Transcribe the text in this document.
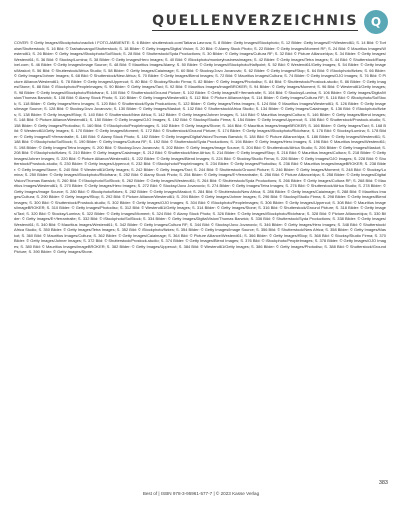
QUELLENVERZEICHNIS	Q

COVER: © Getty Images/iStockphoto/oraclick I FOTO-AMBIENTE: S. 6 Bilder: shutterstock.com/Tatiana Lavrova; S. 8 Bilder: Getty Images/iStockphoto; S. 12 Bilder: Getty Images/E+/Westend61; S. 14 Bild: © Tortoise/Shutterstock; S. 16 Bild: © Tashatuvango/Shutterstock; S. 18 Bilder: © Getty Images/Digital Vision; S. 20 Bild: © Alamy Stock Photo; S. 22 Bilder: © Getty Images/Moment RF; S. 24 Bild: © Mauritius Images/Westend61; S. 26 Bilder: © Getty Images/iStockphoto/SolStock; S. 28 Bild: © Shutterstock/Syda Productions; S. 30 Bilder: © Getty Images/Cultura RF; S. 32 Bild: © Picture Alliance/dpa; S. 34 Bilder: © Getty Images/Westend61; S. 36 Bild: © Stocksy/Lumina; S. 38 Bilder: © Getty Images/Hero Images; S. 40 Bild: © iStockphoto/monkeybusinessimages; S. 42 Bilder: © Getty Images/Tetra Images; S. 44 Bild: © Shutterstock/Rawpixel.com; S. 46 Bilder: © Getty Images/Image Source; S. 48 Bild: © Mauritius Images/Alamy; S. 50 Bilder: © Getty Images/iStockphoto/Halfpoint; S. 52 Bild: © Westend61/Getty Images; S. 54 Bilder: © Getty Images/Maskot; S. 56 Bild: © Shutterstock/Africa Studio; S. 58 Bilder: © Getty Images/Caiaimage; S. 60 Bild: © Stocksy/Jovo Jovanovic; S. 62 Bilder: © Getty Images/fStop; S. 64 Bild: © iStockphoto/fizkes; S. 66 Bilder: © Getty Images/Johner Images; S. 68 Bild: © Shutterstock/New Africa; S. 70 Bilder: © Getty Images/Blend Images; S. 72 Bild: © Mauritius Images/Cultura; S. 74 Bilder: © Getty Images/OJO Images; S. 76 Bild: © Picture Alliance/Westend61; S. 78 Bilder: © Getty Images/Uppercut; S. 80 Bild: © Stocksy/Studio Firma; S. 82 Bilder: © Getty Images/Photodisc; S. 84 Bild: © Shutterstock/Prostock-studio; S. 86 Bilder: © Getty Images/Stone; S. 88 Bild: © iStockphoto/PeopleImages; S. 90 Bilder: © Getty Images/Taxi; S. 92 Bild: © Mauritius Images/imageBROKER; S. 94 Bilder: © Getty Images/Moment; S. 96 Bild: © Westend61/Getty Images; S. 98 Bilder: © Getty Images/iStockphoto/Ridofranz; S. 100 Bild: © Shutterstock/Ground Picture; S. 102 Bilder: © Getty Images/E+/ferrantraite; S. 104 Bild: © Stocksy/Lumina; S. 106 Bilder: © Getty Images/DigitalVision/Thomas Barwick; S. 108 Bild: © Alamy Stock Photo; S. 110 Bilder: © Getty Images/Westend61; S. 112 Bild: © Picture Alliance/dpa; S. 114 Bilder: © Getty Images/Cultura RF; S. 116 Bild: © iStockphoto/SolStock; S. 118 Bilder: © Getty Images/Hero Images; S. 120 Bild: © Shutterstock/Syda Productions; S. 122 Bilder: © Getty Images/Tetra Images; S. 124 Bild: © Mauritius Images/Westend61; S. 126 Bilder: © Getty Images/Image Source; S. 128 Bild: © Stocksy/Jovo Jovanovic; S. 130 Bilder: © Getty Images/Maskot; S. 132 Bild: © Shutterstock/Africa Studio; S. 134 Bilder: © Getty Images/Caiaimage; S. 136 Bild: © iStockphoto/fizkes; S. 138 Bilder: © Getty Images/fStop; S. 140 Bild: © Shutterstock/New Africa; S. 142 Bilder: © Getty Images/Johner Images; S. 144 Bild: © Mauritius Images/Cultura; S. 146 Bilder: © Getty Images/Blend Images; S. 148 Bild: © Picture Alliance/Westend61; S. 150 Bilder: © Getty Images/OJO Images; S. 152 Bild: © Stocksy/Studio Firma; S. 154 Bilder: © Getty Images/Uppercut; S. 156 Bild: © Shutterstock/Prostock-studio; S. 158 Bilder: © Getty Images/Photodisc; S. 160 Bild: © iStockphoto/PeopleImages; S. 162 Bilder: © Getty Images/Stone; S. 164 Bild: © Mauritius Images/imageBROKER; S. 166 Bilder: © Getty Images/Taxi; S. 168 Bild: © Westend61/Getty Images; S. 170 Bilder: © Getty Images/Moment; S. 172 Bild: © Shutterstock/Ground Picture; S. 174 Bilder: © Getty Images/iStockphoto/Ridofranz; S. 176 Bild: © Stocksy/Lumina; S. 178 Bilder: © Getty Images/E+/ferrantraite; S. 180 Bild: © Alamy Stock Photo; S. 182 Bilder: © Getty Images/DigitalVision/Thomas Barwick; S. 184 Bild: © Picture Alliance/dpa; S. 186 Bilder: © Getty Images/Westend61; S. 188 Bild: © iStockphoto/SolStock; S. 190 Bilder: © Getty Images/Cultura RF; S. 192 Bild: © Shutterstock/Syda Productions; S. 194 Bilder: © Getty Images/Hero Images; S. 196 Bild: © Mauritius Images/Westend61; S. 198 Bilder: © Getty Images/Tetra Images; S. 200 Bild: © Stocksy/Jovo Jovanovic; S. 202 Bilder: © Getty Images/Image Source; S. 204 Bild: © Shutterstock/Africa Studio; S. 206 Bilder: © Getty Images/Maskot; S. 208 Bild: © iStockphoto/fizkes; S. 210 Bilder: © Getty Images/Caiaimage; S. 212 Bild: © Shutterstock/New Africa; S. 214 Bilder: © Getty Images/fStop; S. 216 Bild: © Mauritius Images/Cultura; S. 218 Bilder: © Getty Images/Johner Images; S. 220 Bild: © Picture Alliance/Westend61; S. 222 Bilder: © Getty Images/Blend Images; S. 224 Bild: © Stocksy/Studio Firma; S. 226 Bilder: © Getty Images/OJO Images; S. 228 Bild: © Shutterstock/Prostock-studio; S. 230 Bilder: © Getty Images/Uppercut; S. 232 Bild: © iStockphoto/PeopleImages; S. 234 Bilder: © Getty Images/Photodisc; S. 236 Bild: © Mauritius Images/imageBROKER; S. 238 Bilder: © Getty Images/Stone; S. 240 Bild: © Westend61/Getty Images; S. 242 Bilder: © Getty Images/Taxi; S. 244 Bild: © Shutterstock/Ground Picture; S. 246 Bilder: © Getty Images/Moment; S. 248 Bild: © Stocksy/Lumina; S. 250 Bilder: © Getty Images/iStockphoto/Ridofranz; S. 252 Bild: © Alamy Stock Photo; S. 254 Bilder: © Getty Images/E+/ferrantraite; S. 256 Bild: © Picture Alliance/dpa; S. 258 Bilder: © Getty Images/DigitalVision/Thomas Barwick; S. 260 Bild: © iStockphoto/SolStock; S. 262 Bilder: © Getty Images/Westend61; S. 264 Bild: © Shutterstock/Syda Productions; S. 266 Bilder: © Getty Images/Cultura RF; S. 268 Bild: © Mauritius Images/Westend61; S. 270 Bilder: © Getty Images/Hero Images; S. 272 Bild: © Stocksy/Jovo Jovanovic; S. 274 Bilder: © Getty Images/Tetra Images; S. 276 Bild: © Shutterstock/Africa Studio; S. 278 Bilder: © Getty Images/Image Source; S. 280 Bild: © iStockphoto/fizkes; S. 282 Bilder: © Getty Images/Maskot; S. 284 Bild: © Shutterstock/New Africa; S. 286 Bilder: © Getty Images/Caiaimage; S. 288 Bild: © Mauritius Images/Cultura; S. 290 Bilder: © Getty Images/fStop; S. 292 Bild: © Picture Alliance/Westend61; S. 294 Bilder: © Getty Images/Johner Images; S. 296 Bild: © Stocksy/Studio Firma; S. 298 Bilder: © Getty Images/Blend Images; S. 300 Bild: © Shutterstock/Prostock-studio; S. 302 Bilder: © Getty Images/OJO Images; S. 304 Bild: © iStockphoto/PeopleImages; S. 306 Bilder: © Getty Images/Uppercut; S. 308 Bild: © Mauritius Images/imageBROKER; S. 310 Bilder: © Getty Images/Photodisc; S. 312 Bild: © Westend61/Getty Images; S. 314 Bilder: © Getty Images/Stone; S. 316 Bild: © Shutterstock/Ground Picture; S. 318 Bilder: © Getty Images/Taxi; S. 320 Bild: © Stocksy/Lumina; S. 322 Bilder: © Getty Images/Moment; S. 324 Bild: © Alamy Stock Photo; S. 326 Bilder: © Getty Images/iStockphoto/Ridofranz; S. 328 Bild: © Picture Alliance/dpa; S. 330 Bilder: © Getty Images/E+/ferrantraite; S. 332 Bild: © iStockphoto/SolStock; S. 334 Bilder: © Getty Images/DigitalVision/Thomas Barwick; S. 336 Bild: © Shutterstock/Syda Productions; S. 338 Bilder: © Getty Images/Westend61; S. 340 Bild: © Mauritius Images/Westend61; S. 342 Bilder: © Getty Images/Cultura RF; S. 344 Bild: © Stocksy/Jovo Jovanovic; S. 346 Bilder: © Getty Images/Hero Images; S. 348 Bild: © Shutterstock/Africa Studio; S. 350 Bilder: © Getty Images/Tetra Images; S. 352 Bild: © iStockphoto/fizkes; S. 354 Bilder: © Getty Images/Image Source; S. 356 Bild: © Shutterstock/New Africa; S. 358 Bilder: © Getty Images/Maskot; S. 360 Bild: © Mauritius Images/Cultura; S. 362 Bilder: © Getty Images/Caiaimage; S. 364 Bild: © Picture Alliance/Westend61; S. 366 Bilder: © Getty Images/fStop; S. 368 Bild: © Stocksy/Studio Firma; S. 370 Bilder: © Getty Images/Johner Images; S. 372 Bild: © Shutterstock/Prostock-studio; S. 374 Bilder: © Getty Images/Blend Images; S. 376 Bild: © iStockphoto/PeopleImages; S. 378 Bilder: © Getty Images/OJO Images; S. 380 Bild: © Mauritius Images/imageBROKER; S. 382 Bilder: © Getty Images/Uppercut; S. 384 Bild: © Westend61/Getty Images; S. 386 Bilder: © Getty Images/Photodisc; S. 388 Bild: © Shutterstock/Ground Picture; S. 390 Bilder: © Getty Images/Stone.

383
Best of | ISBN 978-3-95961-577-7 | © 2023 Kasse Verlag
